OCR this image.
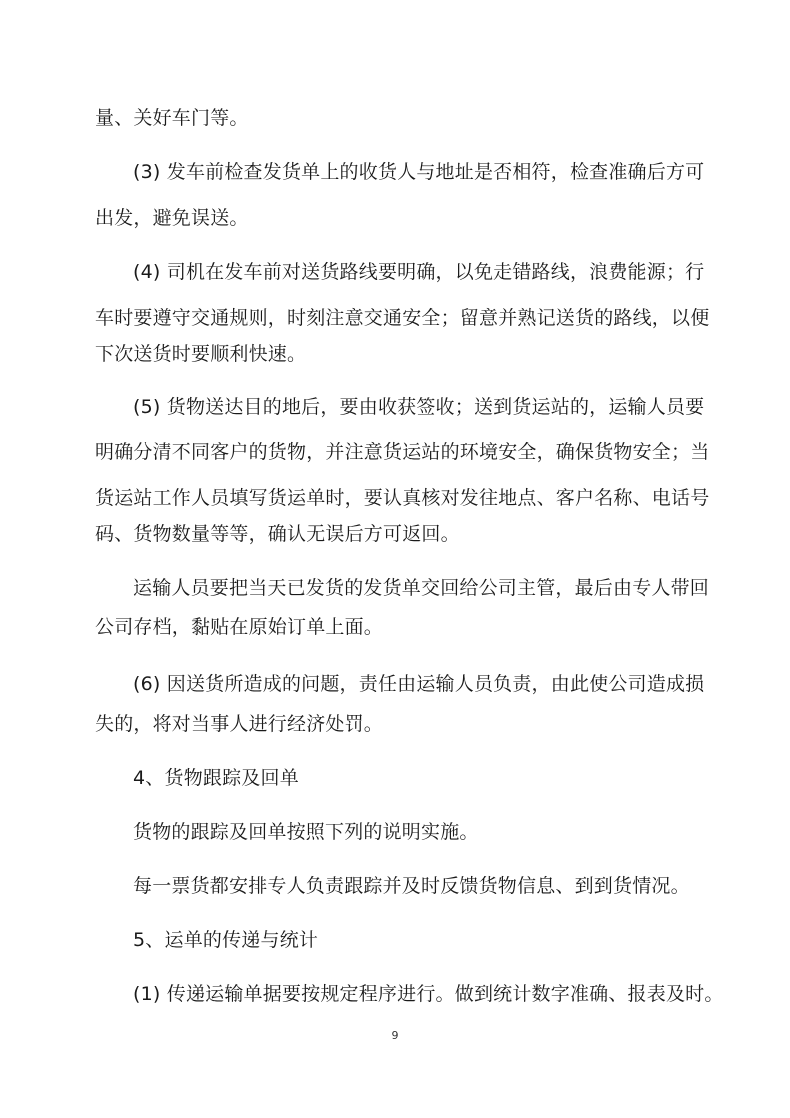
量、关好车门等。
(3) 发车前检查发货单上的收货人与地址是否相符，检查准确后方可
出发，避免误送。
(4) 司机在发车前对送货路线要明确，以免走错路线，浪费能源；行
车时要遵守交通规则，时刻注意交通安全；留意并熟记送货的路线，以便
下次送货时要顺利快速。
(5) 货物送达目的地后，要由收获签收；送到货运站的，运输人员要
明确分清不同客户的货物，并注意货运站的环境安全，确保货物安全；当
货运站工作人员填写货运单时，要认真核对发往地点、客户名称、电话号
码、货物数量等等，确认无误后方可返回。
运输人员要把当天已发货的发货单交回给公司主管，最后由专人带回
公司存档，黏贴在原始订单上面。
(6) 因送货所造成的问题，责任由运输人员负责，由此使公司造成损
失的，将对当事人进行经济处罚。
4、货物跟踪及回单
货物的跟踪及回单按照下列的说明实施。
每一票货都安排专人负责跟踪并及时反馈货物信息、到到货情况。
5、运单的传递与统计
(1) 传递运输单据要按规定程序进行。做到统计数字准确、报表及时。
9
